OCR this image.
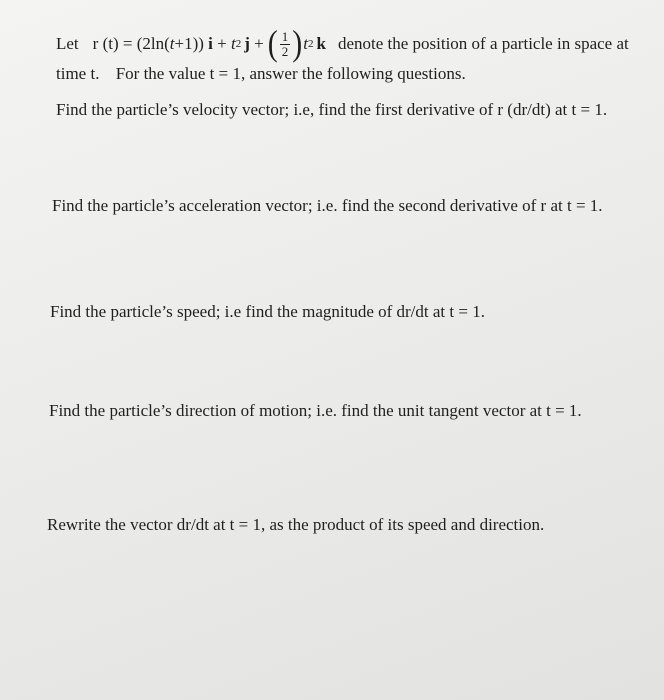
Let r (t) = (2ln( t +1)) i + t 2 j + ( $\frac{1}{2}$ ) t 2 k denote the position of a particle in space at
time t. For the value t = 1, answer the following questions.
Find the particle’s velocity vector; i.e, find the first derivative of r (dr/dt) at t = 1.
Find the particle’s acceleration vector; i.e. find the second derivative of r at t = 1.
Find the particle’s speed; i.e find the magnitude of dr/dt at t = 1.
Find the particle’s direction of motion; i.e. find the unit tangent vector at t = 1.
Rewrite the vector dr/dt at t = 1, as the product of its speed and direction.
